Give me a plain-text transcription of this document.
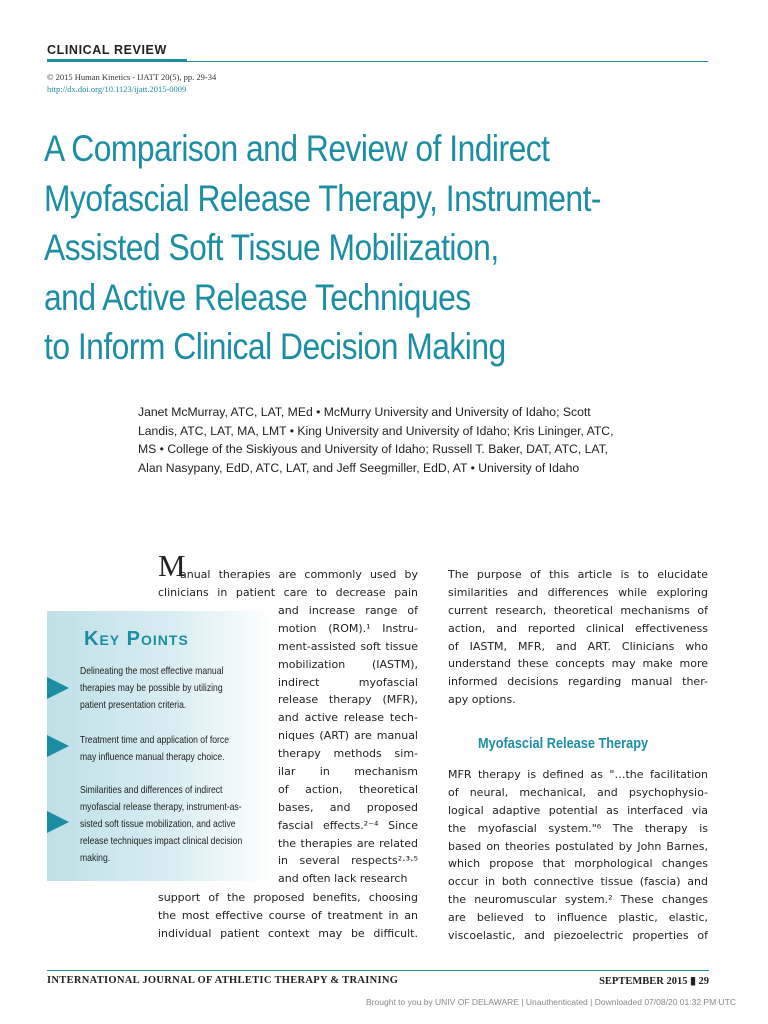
CLINICAL REVIEW
© 2015 Human Kinetics - IJATT 20(5), pp. 29-34
http://dx.doi.org/10.1123/ijatt.2015-0009
A Comparison and Review of Indirect
Myofascial Release Therapy, Instrument-
Assisted Soft Tissue Mobilization,
and Active Release Techniques
to Inform Clinical Decision Making
Janet McMurray, ATC, LAT, MEd • McMurry University and University of Idaho; Scott
Landis, ATC, LAT, MA, LMT • King University and University of Idaho; Kris Lininger, ATC,
MS • College of the Siskiyous and University of Idaho; Russell T. Baker, DAT, ATC, LAT,
Alan Nasypany, EdD, ATC, LAT, and Jeff Seegmiller, EdD, AT • University of Idaho
M
anual therapies are commonly used by
clinicians in patient care to decrease pain
and increase range of
motion (ROM).¹ Instru-
ment-assisted soft tissue
mobilization (IASTM),
indirect myofascial
release therapy (MFR),
and active release tech-
niques (ART) are manual
therapy methods sim-
ilar in mechanism
of action, theoretical
bases, and proposed
fascial effects.²⁻⁴ Since
the therapies are related
in several respects²·³·⁵
and often lack research
support of the proposed benefits, choosing
the most effective course of treatment in an
individual patient context may be difficult.
Key Points
Delineating the most effective manual
therapies may be possible by utilizing
patient presentation criteria.
Treatment time and application of force
may influence manual therapy choice.
Similarities and differences of indirect
myofascial release therapy, instrument-as-
sisted soft tissue mobilization, and active
release techniques impact clinical decision
making.
The purpose of this article is to elucidate
similarities and differences while exploring
current research, theoretical mechanisms of
action, and reported clinical effectiveness
of IASTM, MFR, and ART. Clinicians who
understand these concepts may make more
informed decisions regarding manual ther-
apy options.
Myofascial Release Therapy
MFR therapy is defined as "…the facilitation
of neural, mechanical, and psychophysio-
logical adaptive potential as interfaced via
the myofascial system."⁶ The therapy is
based on theories postulated by John Barnes,
which propose that morphological changes
occur in both connective tissue (fascia) and
the neuromuscular system.² These changes
are believed to influence plastic, elastic,
viscoelastic, and piezoelectric properties of
INTERNATIONAL JOURNAL OF ATHLETIC THERAPY & TRAINING	SEPTEMBER 2015 ▮ 29
Brought to you by UNIV OF DELAWARE | Unauthenticated | Downloaded 07/08/20 01:32 PM UTC
